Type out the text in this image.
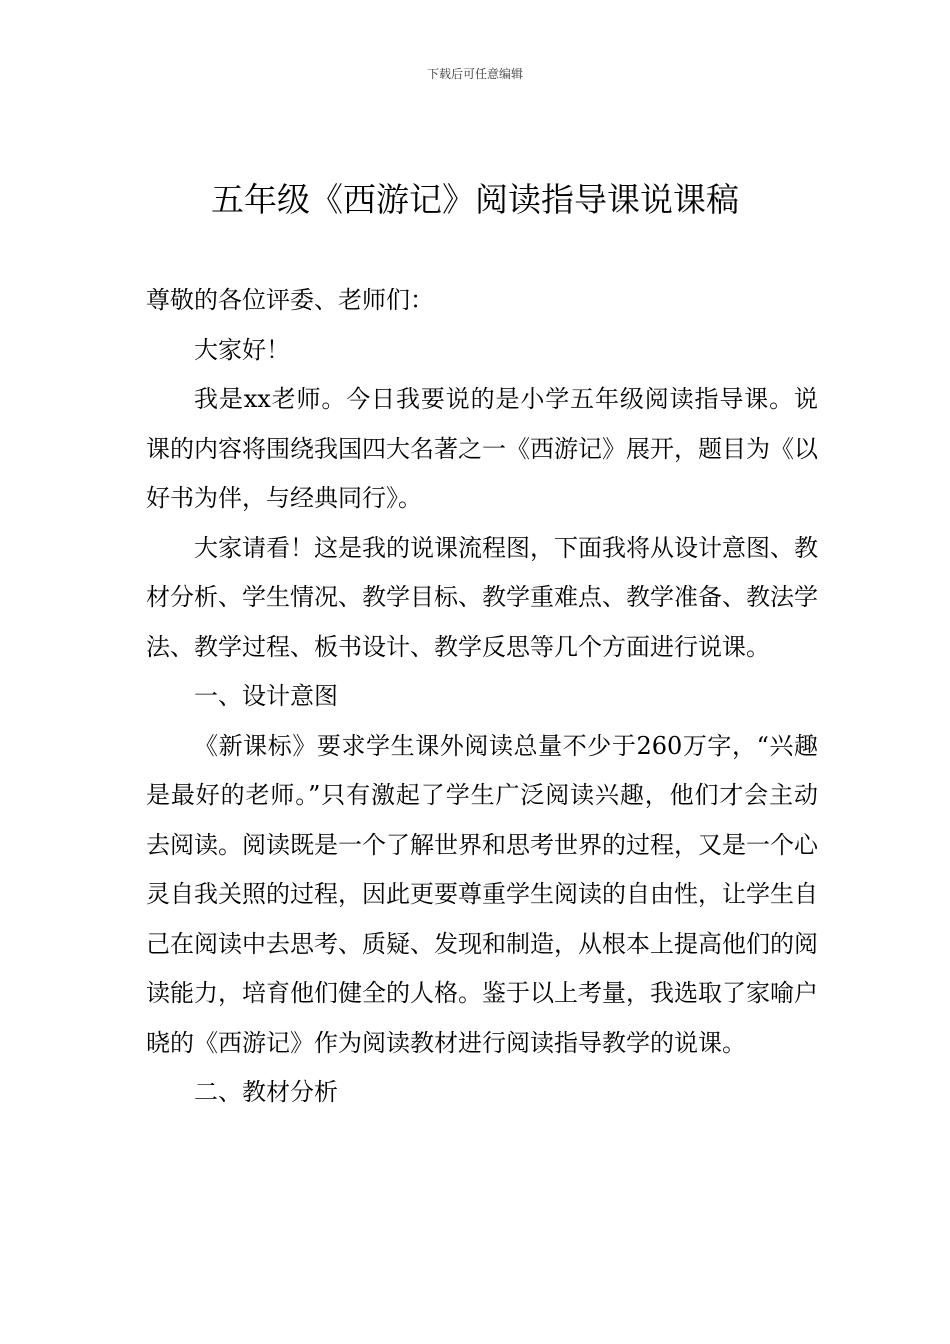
下载后可任意编辑
五年级《西游记》阅读指导课说课稿

尊敬的各位评委、老师们：

大家好！

我是xx老师。今日我要说的是小学五年级阅读指导课。说课的内容将围绕我国四大名著之一《西游记》展开，题目为《以好书为伴，与经典同行》。

大家请看！这是我的说课流程图，下面我将从设计意图、教材分析、学生情况、教学目标、教学重难点、教学准备、教法学法、教学过程、板书设计、教学反思等几个方面进行说课。

一、设计意图

《新课标》要求学生课外阅读总量不少于260万字，“兴趣是最好的老师。”只有激起了学生广泛阅读兴趣，他们才会主动去阅读。阅读既是一个了解世界和思考世界的过程，又是一个心灵自我关照的过程，因此更要尊重学生阅读的自由性，让学生自己在阅读中去思考、质疑、发现和制造，从根本上提高他们的阅读能力，培育他们健全的人格。鉴于以上考量，我选取了家喻户晓的《西游记》作为阅读教材进行阅读指导教学的说课。

二、教材分析
